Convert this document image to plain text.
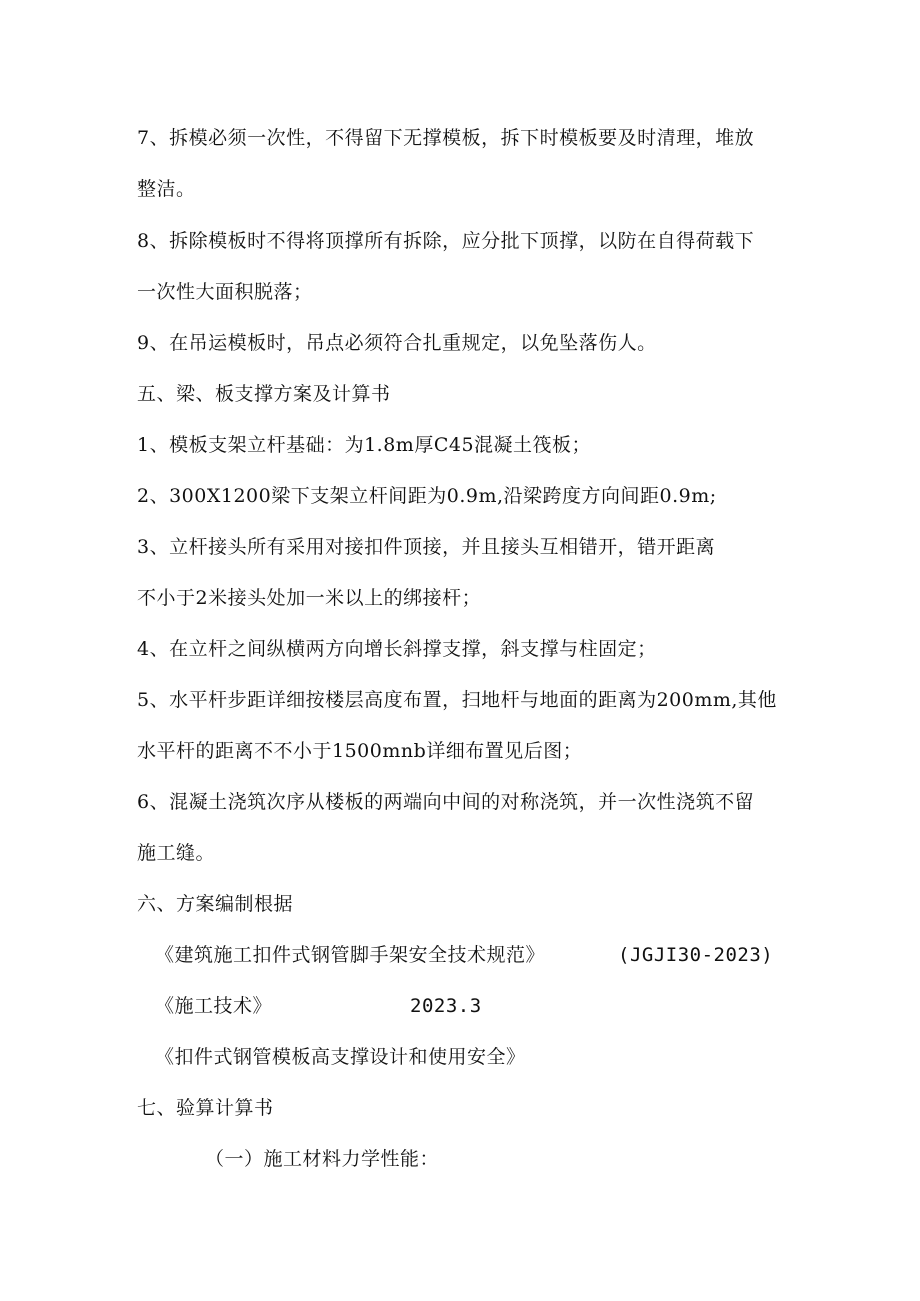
7、拆模必须一次性，不得留下无撑模板，拆下时模板要及时清理，堆放
整洁。
8、拆除模板时不得将顶撑所有拆除，应分批下顶撑，以防在自得荷载下
一次性大面积脱落；
9、在吊运模板时，吊点必须符合扎重规定，以免坠落伤人。
五、梁、板支撑方案及计算书
1、模板支架立杆基础：为1.8m厚C45混凝土筏板；
2、300X1200梁下支架立杆间距为0.9m,沿梁跨度方向间距0.9m;
3、立杆接头所有采用对接扣件顶接，并且接头互相错开，错开距离
不小于2米接头处加一米以上的绑接杆；
4、在立杆之间纵横两方向增长斜撑支撑，斜支撑与柱固定；
5、水平杆步距详细按楼层高度布置，扫地杆与地面的距离为200mm,其他
水平杆的距离不不小于1500mnb详细布置见后图；
6、混凝土浇筑次序从楼板的两端向中间的对称浇筑，并一次性浇筑不留
施工缝。
六、方案编制根据
《建筑施工扣件式钢管脚手架安全技术规范》	(JGJI30-2023)
《施工技术》	2023.3
《扣件式钢管模板高支撑设计和使用安全》
七、验算计算书
（一）施工材料力学性能：
